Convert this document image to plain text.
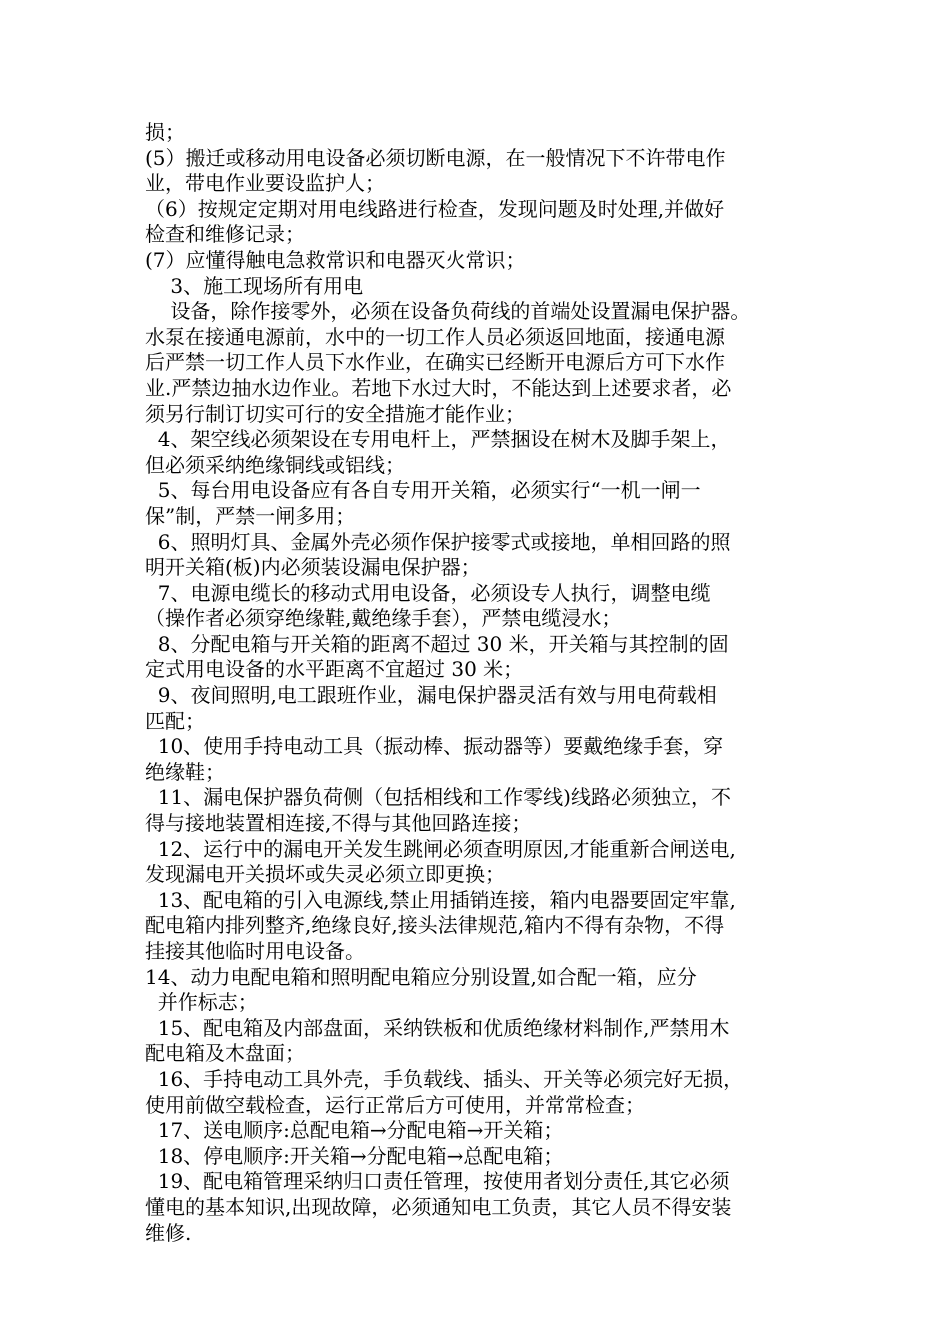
损；
(5）搬迁或移动用电设备必须切断电源，在一般情况下不许带电作
业，带电作业要设监护人；
（6）按规定定期对用电线路进行检查，发现问题及时处理,并做好
检查和维修记录；
(7）应懂得触电急救常识和电器灭火常识；
3、施工现场所有用电
设备，除作接零外，必须在设备负荷线的首端处设置漏电保护器。
水泵在接通电源前，水中的一切工作人员必须返回地面，接通电源
后严禁一切工作人员下水作业，在确实已经断开电源后方可下水作
业.严禁边抽水边作业。若地下水过大时，不能达到上述要求者，必
须另行制订切实可行的安全措施才能作业；
4、架空线必须架设在专用电杆上，严禁捆设在树木及脚手架上，
但必须采纳绝缘铜线或铝线；
5、每台用电设备应有各自专用开关箱，必须实行“一机一闸一
保”制，严禁一闸多用；
6、照明灯具、金属外壳必须作保护接零式或接地，单相回路的照
明开关箱(板)内必须装设漏电保护器；
7、电源电缆长的移动式用电设备，必须设专人执行，调整电缆
（操作者必须穿绝缘鞋,戴绝缘手套），严禁电缆浸水；
8、分配电箱与开关箱的距离不超过 30 米，开关箱与其控制的固
定式用电设备的水平距离不宜超过 30 米；
9、夜间照明,电工跟班作业，漏电保护器灵活有效与用电荷载相
匹配；
10、使用手持电动工具（振动棒、振动器等）要戴绝缘手套，穿
绝缘鞋；
11、漏电保护器负荷侧（包括相线和工作零线)线路必须独立，不
得与接地装置相连接,不得与其他回路连接；
12、运行中的漏电开关发生跳闸必须查明原因,才能重新合闸送电,
发现漏电开关损坏或失灵必须立即更换；
13、配电箱的引入电源线,禁止用插销连接，箱内电器要固定牢靠,
配电箱内排列整齐,绝缘良好,接头法律规范,箱内不得有杂物，不得
挂接其他临时用电设备。
14、动力电配电箱和照明配电箱应分别设置,如合配一箱，应分
并作标志；
15、配电箱及内部盘面，采纳铁板和优质绝缘材料制作,严禁用木
配电箱及木盘面；
16、手持电动工具外壳，手负载线、插头、开关等必须完好无损，
使用前做空载检查，运行正常后方可使用，并常常检查；
17、送电顺序:总配电箱→分配电箱→开关箱；
18、停电顺序:开关箱→分配电箱→总配电箱；
19、配电箱管理采纳归口责任管理，按使用者划分责任,其它必须
懂电的基本知识,出现故障，必须通知电工负责，其它人员不得安装
维修.
